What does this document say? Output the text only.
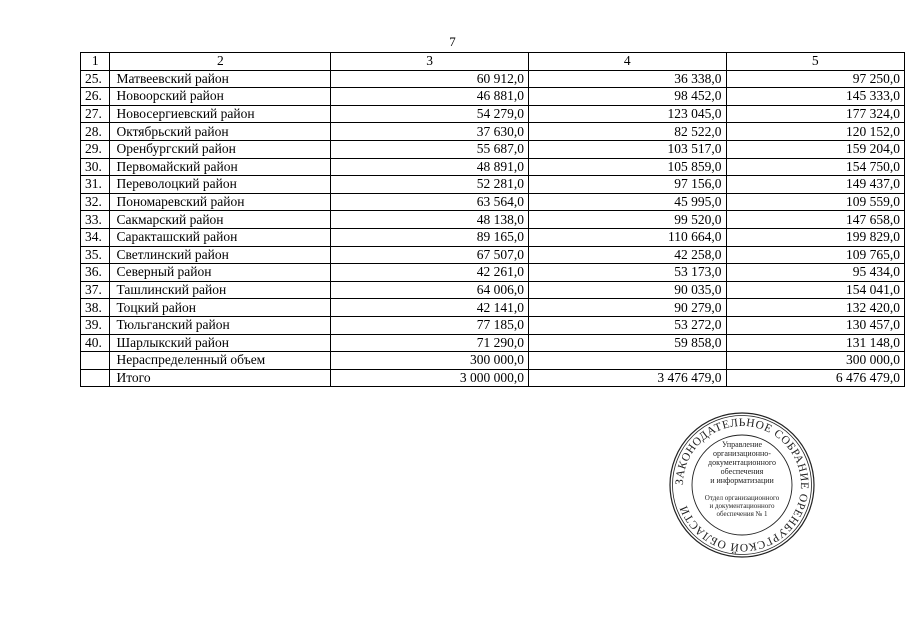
7
1	2	3	4	5
25.	Матвеевский район	60 912,0	36 338,0	97 250,0
26.	Новоорский район	46 881,0	98 452,0	145 333,0
27.	Новосергиевский район	54 279,0	123 045,0	177 324,0
28.	Октябрьский район	37 630,0	82 522,0	120 152,0
29.	Оренбургский район	55 687,0	103 517,0	159 204,0
30.	Первомайский район	48 891,0	105 859,0	154 750,0
31.	Переволоцкий район	52 281,0	97 156,0	149 437,0
32.	Пономаревский район	63 564,0	45 995,0	109 559,0
33.	Сакмарский район	48 138,0	99 520,0	147 658,0
34.	Саракташский район	89 165,0	110 664,0	199 829,0
35.	Светлинский район	67 507,0	42 258,0	109 765,0
36.	Северный район	42 261,0	53 173,0	95 434,0
37.	Ташлинский район	64 006,0	90 035,0	154 041,0
38.	Тоцкий район	42 141,0	90 279,0	132 420,0
39.	Тюльганский район	77 185,0	53 272,0	130 457,0
40.	Шарлыкский район	71 290,0	59 858,0	131 148,0
	Нераспределенный объем	300 000,0		300 000,0
	Итого	3 000 000,0	3 476 479,0	6 476 479,0
ЗАКОНОДАТЕЛЬНОЕ СОБРАНИЕ ОРЕНБУРГСКОЙ ОБЛАСТИ
Управление
организационно-
документационного
обеспечения
и информатизации
Отдел организационного
и документационного
обеспечения № 1
